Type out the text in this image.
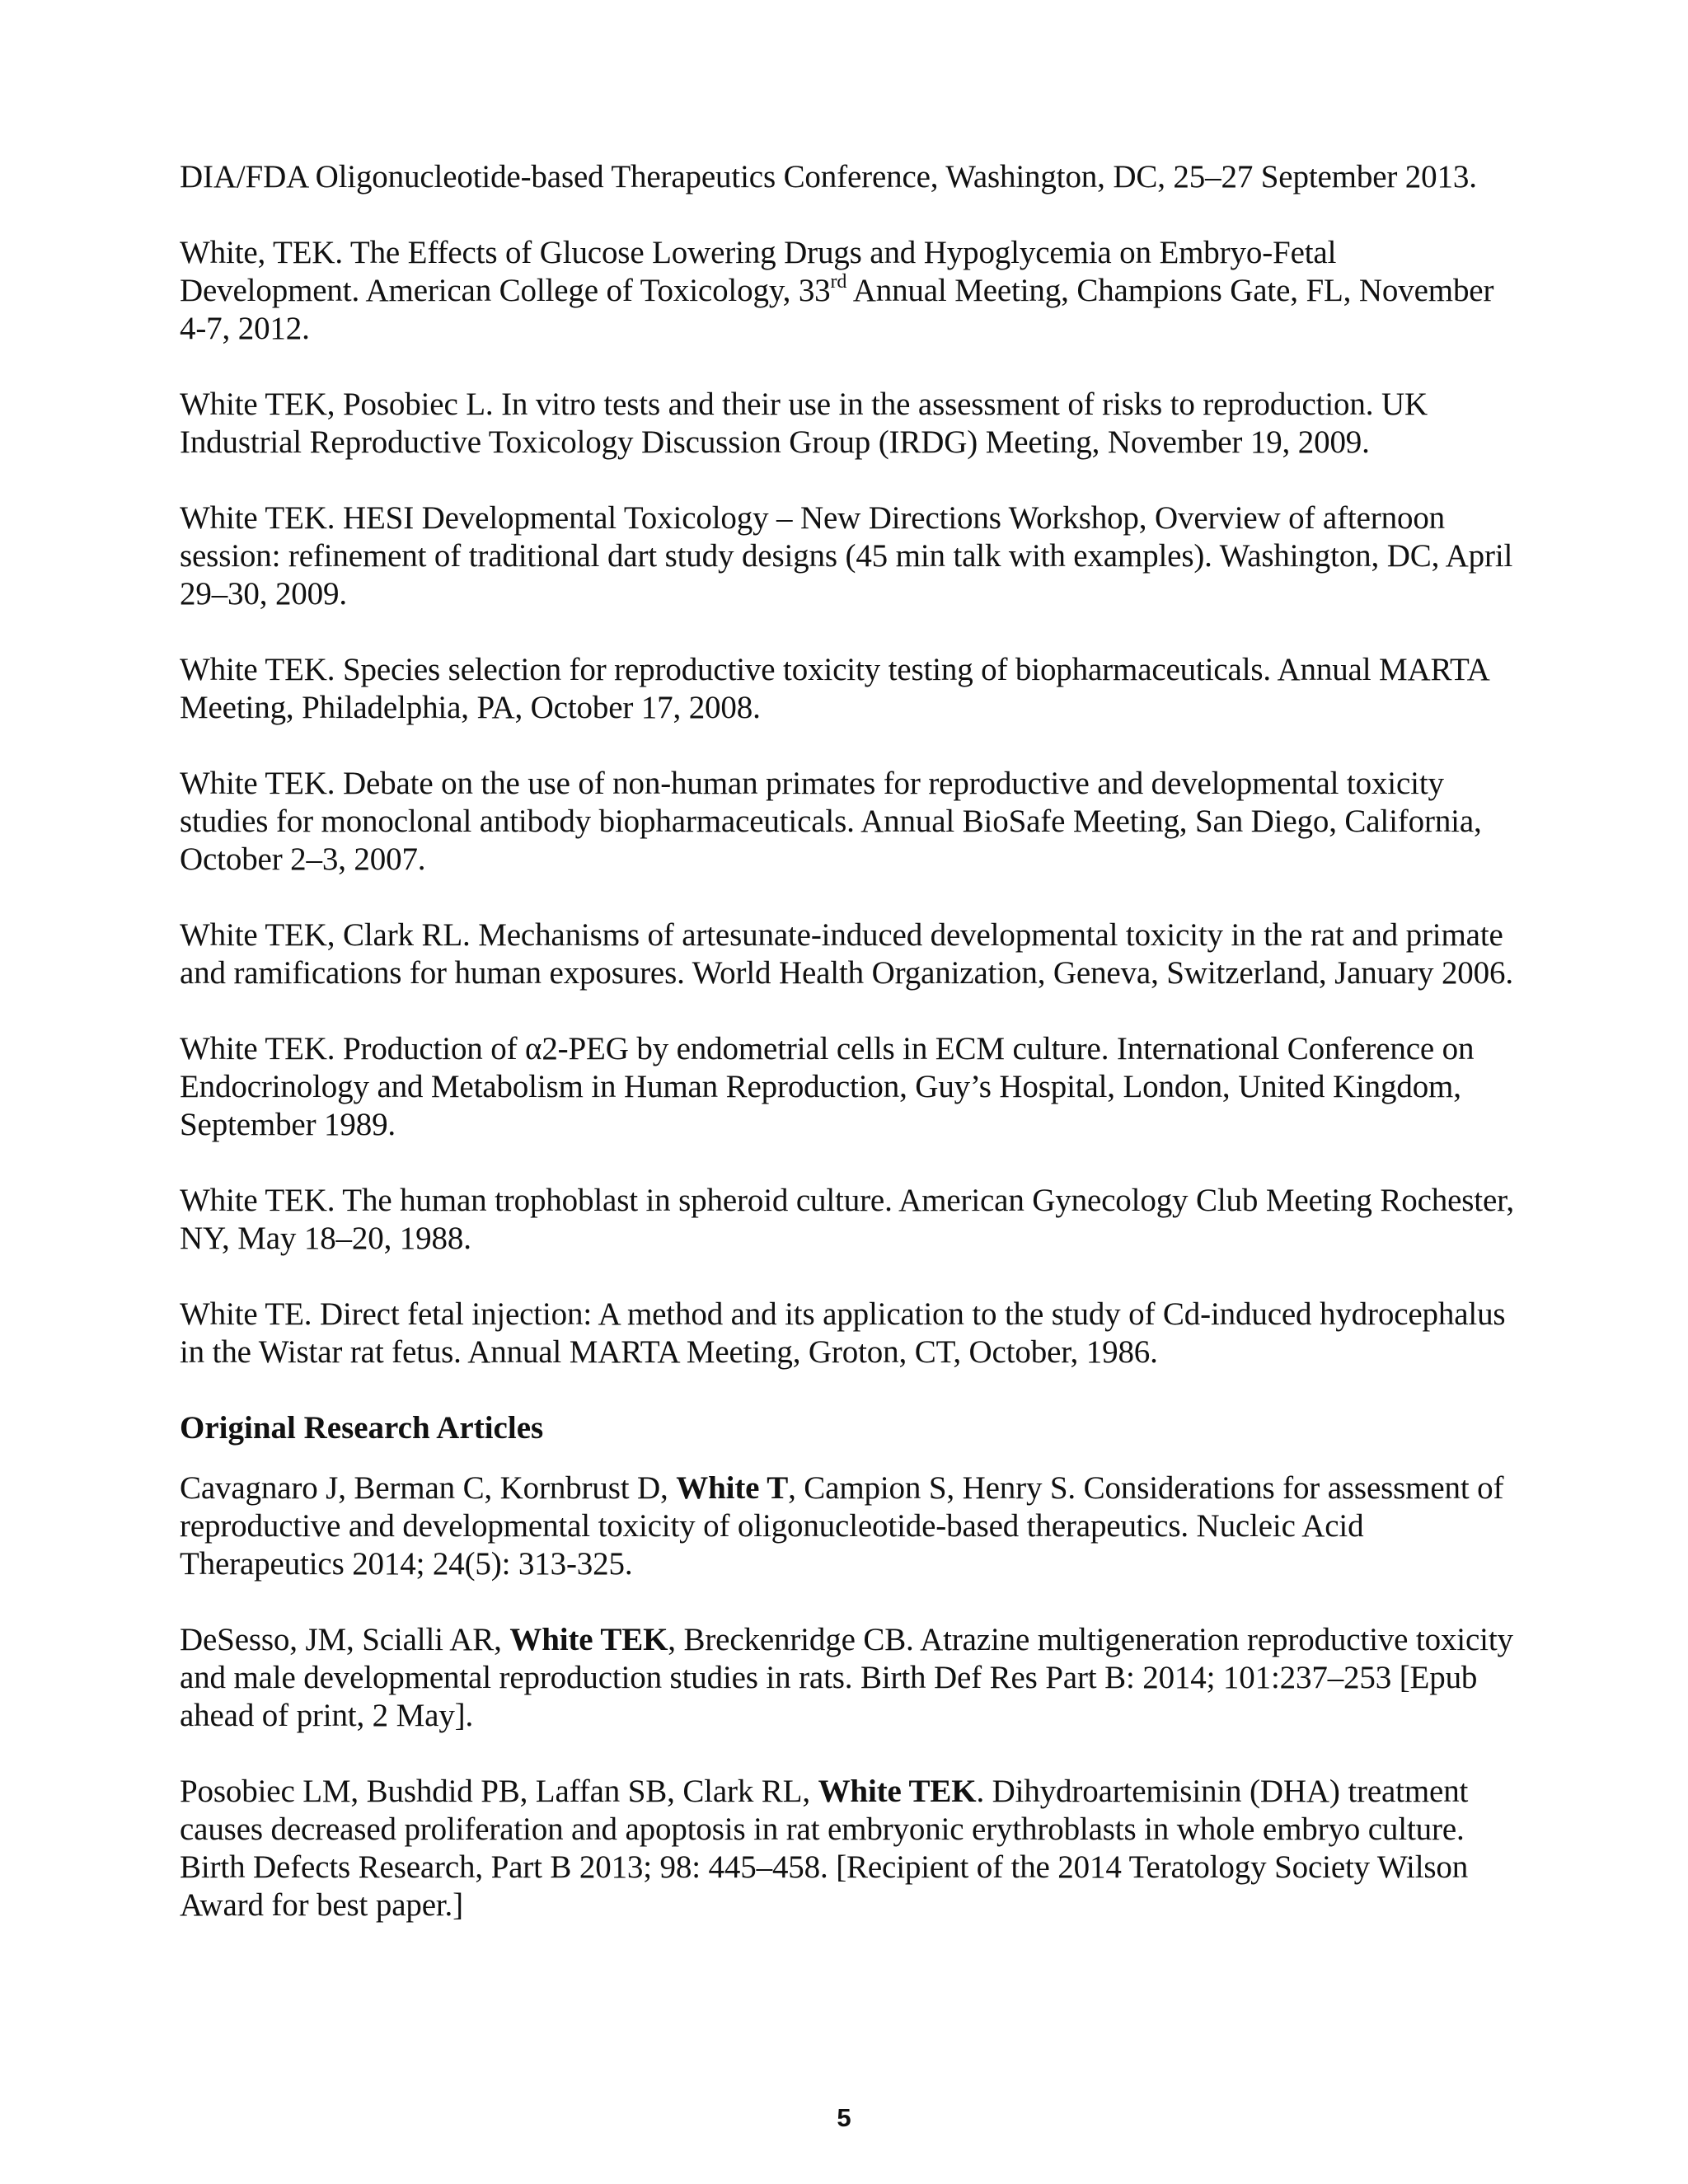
DIA/FDA Oligonucleotide-based Therapeutics Conference, Washington, DC, 25–27 September 2013.

White, TEK. The Effects of Glucose Lowering Drugs and Hypoglycemia on Embryo-Fetal Development. American College of Toxicology, 33rd Annual Meeting, Champions Gate, FL, November 4-7, 2012.

White TEK, Posobiec L. In vitro tests and their use in the assessment of risks to reproduction. UK Industrial Reproductive Toxicology Discussion Group (IRDG) Meeting, November 19, 2009.

White TEK. HESI Developmental Toxicology – New Directions Workshop, Overview of afternoon session: refinement of traditional dart study designs (45 min talk with examples). Washington, DC, April 29–30, 2009.

White TEK. Species selection for reproductive toxicity testing of biopharmaceuticals. Annual MARTA Meeting, Philadelphia, PA, October 17, 2008.

White TEK. Debate on the use of non-human primates for reproductive and developmental toxicity studies for monoclonal antibody biopharmaceuticals. Annual BioSafe Meeting, San Diego, California, October 2–3, 2007.

White TEK, Clark RL. Mechanisms of artesunate-induced developmental toxicity in the rat and primate and ramifications for human exposures. World Health Organization, Geneva, Switzerland, January 2006.

White TEK. Production of α2-PEG by endometrial cells in ECM culture. International Conference on Endocrinology and Metabolism in Human Reproduction, Guy’s Hospital, London, United Kingdom, September 1989.

White TEK. The human trophoblast in spheroid culture. American Gynecology Club Meeting Rochester, NY, May 18–20, 1988.

White TE. Direct fetal injection: A method and its application to the study of Cd-induced hydrocephalus in the Wistar rat fetus. Annual MARTA Meeting, Groton, CT, October, 1986.

Original Research Articles

Cavagnaro J, Berman C, Kornbrust D, White T, Campion S, Henry S. Considerations for assessment of reproductive and developmental toxicity of oligonucleotide-based therapeutics. Nucleic Acid Therapeutics 2014; 24(5): 313-325.

DeSesso, JM, Scialli AR, White TEK, Breckenridge CB. Atrazine multigeneration reproductive toxicity and male developmental reproduction studies in rats. Birth Def Res Part B: 2014; 101:237–253 [Epub ahead of print, 2 May].

Posobiec LM, Bushdid PB, Laffan SB, Clark RL, White TEK. Dihydroartemisinin (DHA) treatment causes decreased proliferation and apoptosis in rat embryonic erythroblasts in whole embryo culture. Birth Defects Research, Part B 2013; 98: 445–458. [Recipient of the 2014 Teratology Society Wilson Award for best paper.]

5
